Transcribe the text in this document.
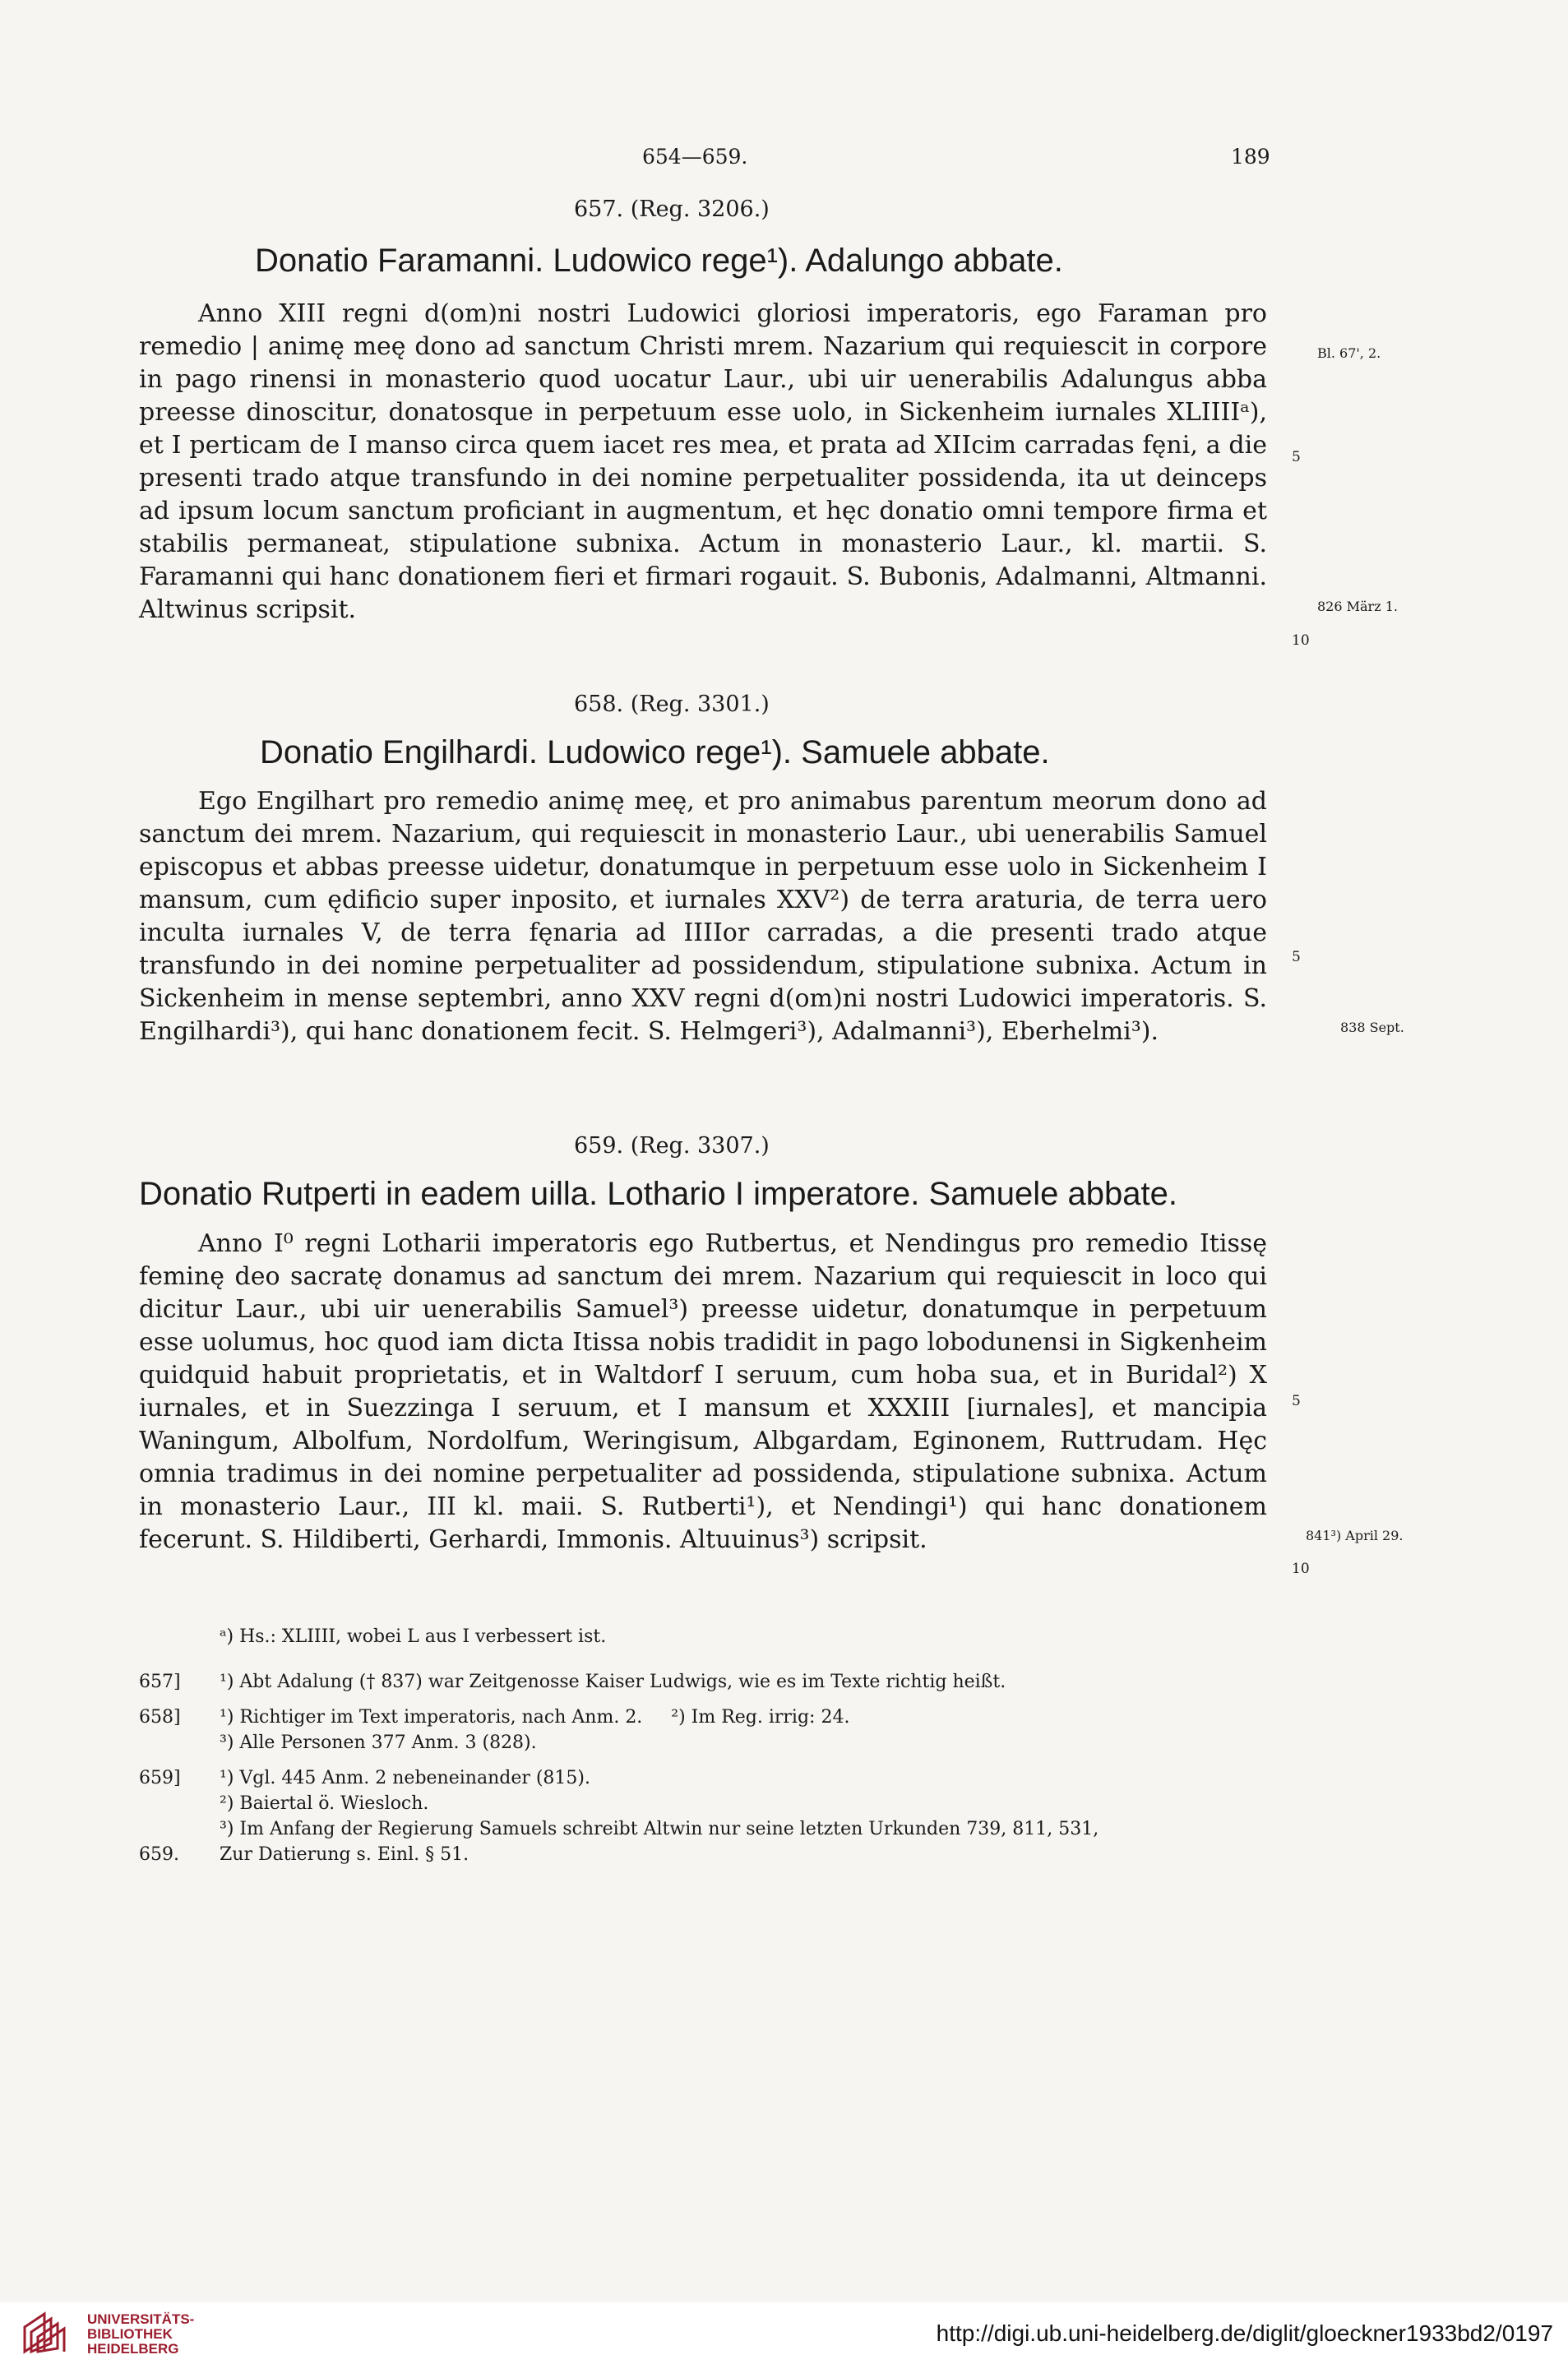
654—659.	189
657. (Reg. 3206.)
Donatio Faramanni. Ludowico rege¹). Adalungo abbate.

Anno XIII regni d(om)ni nostri Ludowici gloriosi imperatoris, ego Faraman pro remedio | animę meę dono ad sanctum Christi mrem. Nazarium qui requiescit in corpore in pago rinensi in monasterio quod uocatur Laur., ubi uir uenerabilis Adalungus abba preesse dinoscitur, donatosque in perpetuum esse uolo, in Sickenheim iurnales XLIIIIᵃ), et I perticam de I manso circa quem iacet res mea, et prata ad XIIcim carradas fęni, a die presenti trado atque transfundo in dei nomine perpetualiter possidenda, ita ut deinceps ad ipsum locum sanctum proficiant in augmentum, et hęc donatio omni tempore firma et stabilis permaneat, stipulatione subnixa. Actum in monasterio Laur., kl. martii. S. Faramanni qui hanc donationem fieri et firmari rogauit. S. Bubonis, Adalmanni, Altmanni. Altwinus scripsit.

Bl. 67', 2.
826 März 1.
5
10
658. (Reg. 3301.)
Donatio Engilhardi. Ludowico rege¹). Samuele abbate.

Ego Engilhart pro remedio animę meę, et pro animabus parentum meorum dono ad sanctum dei mrem. Nazarium, qui requiescit in monasterio Laur., ubi uenerabilis Samuel episcopus et abbas preesse uidetur, donatumque in perpetuum esse uolo in Sickenheim I mansum, cum ędificio super inposito, et iurnales XXV²) de terra araturia, de terra uero inculta iurnales V, de terra fęnaria ad IIIIor carradas, a die presenti trado atque transfundo in dei nomine perpetualiter ad possidendum, stipulatione subnixa. Actum in Sickenheim in mense septembri, anno XXV regni d(om)ni nostri Ludowici imperatoris. S. Engilhardi³), qui hanc donationem fecit. S. Helmgeri³), Adalmanni³), Eberhelmi³).	838 Sept.
5
659. (Reg. 3307.)
Donatio Rutperti in eadem uilla. Lothario I imperatore. Samuele abbate.

Anno I⁰ regni Lotharii imperatoris ego Rutbertus, et Nendingus pro remedio Itissę feminę deo sacratę donamus ad sanctum dei mrem. Nazarium qui requiescit in loco qui dicitur Laur., ubi uir uenerabilis Samuel³) preesse uidetur, donatumque in perpetuum esse uolumus, hoc quod iam dicta Itissa nobis tradidit in pago lobodunensi in Sigkenheim quidquid habuit proprietatis, et in Waltdorf I seruum, cum hoba sua, et in Buridal²) X iurnales, et in Suezzinga I seruum, et I mansum et XXXIII [iurnales], et mancipia Waningum, Albolfum, Nordolfum, Weringisum, Albgardam, Eginonem, Ruttrudam. Hęc omnia tradimus in dei nomine perpetualiter ad possidenda, stipulatione subnixa. Actum in monasterio Laur., III kl. maii. S. Rutberti¹), et Nendingi¹) qui hanc donationem fecerunt. S. Hildiberti, Gerhardi, Immonis. Altuuinus³) scripsit.	841³) April 29.
5
10
ᵃ) Hs.: XLIIII, wobei L aus I verbessert ist.
657] ¹) Abt Adalung († 837) war Zeitgenosse Kaiser Ludwigs, wie es im Texte richtig heißt.
658] ¹) Richtiger im Text imperatoris, nach Anm. 2.     ²) Im Reg. irrig: 24.
³) Alle Personen 377 Anm. 3 (828).
659] ¹) Vgl. 445 Anm. 2 nebeneinander (815).
²) Baiertal ö. Wiesloch.
³) Im Anfang der Regierung Samuels schreibt Altwin nur seine letzten Urkunden 739, 811, 531,
659. Zur Datierung s. Einl. § 51.
UNIVERSITÄTS-
BIBLIOTHEK
HEIDELBERG
http://digi.ub.uni-heidelberg.de/diglit/gloeckner1933bd2/0197
